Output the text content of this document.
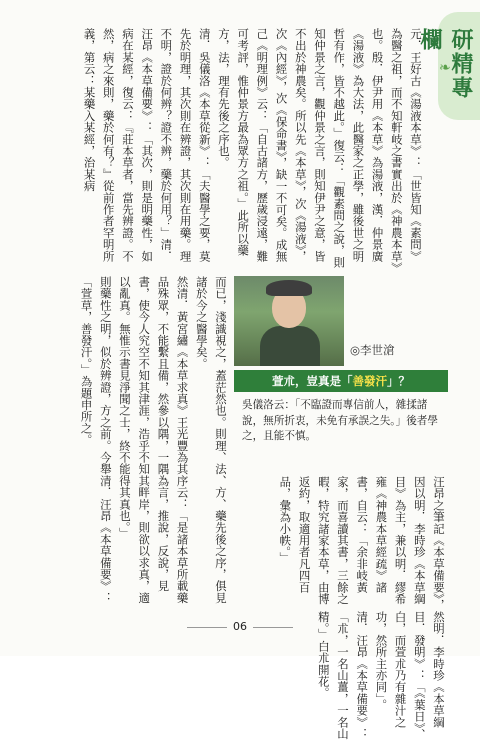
❧
研精專欄
元．王好古《湯液本草》：「世皆知《素問》為醫之祖，而不知軒岐之書實出於《神農本草》也。殷．伊尹用《本草》為湯液，漢．仲景廣《湯液》為大法，此醫家之正學，雖後世之明哲有作，皆不越此。」復云：「觀素問之說，則知仲景之言，觀仲景之言，則知伊尹之意，皆不出於神農矣。所以先《本草》，次《湯液》，次《內經》，次《保命書》，缺一不可矣。成無己《明理例》云：「自古諸方，歷歲浸遠，難可考評，惟仲景方最為眾方之祖。」此所以藥方，法，理有先後之序也。
清．吳儀洛《本草從新》：「夫醫學之要，莫先於明理，其次則在辨證，其次則在用藥。理不明，證於何辨？證不辨，藥於何用？」清．汪昂《本草備要》：「其次，則是明藥性，如病在某經，復云：『莊本草者，當先辨證。不然，病之來則，藥於何有？』從前作者罕明所義，第云：某藥入某經，治某病
而已，淺識視之，蓋茫然也。則理、法、方、藥先後之序，俱見諸於今之醫學矣。
然清．黃宮繡《本草求真》王光豐為其序云：「是諸本草所載藥品殊眾，不能繫且備，然參以隅，一隅為言，推說，反說，見書，使今人究空不知其津涯，浩乎不知其畔岸，則欲以求真，適以亂真。無惟示書見淨聞之士，終不能得其真也。」
則藥性之明，似於辨證，方之前。今舉清．汪昂《本草備要》：「萱草，善發汗。」為題申所之。	◎李世滄
萱朮，豈真是「善發汗」？
吳儀洛云：「不臨證而專信前人，雜揉諸說，無所折衷，未免有承誤之失。」後者學之，且能不慎。
汪昂之筆記《本草備要》，因以明．李時珍《本草綱目》為主，兼以明．繆希雍《神農本草經疏》諸書，自云：「余非岐黃家，而喜讀其書，三餘之暇，特究諸家本草，由博返約，取適用者凡四百品，彙為小帙。」
然明．李時珍《本草綱目．發明》：「《葉日》、白，而萱朮乃有雜汁之功，然所主亦同」。
清．汪昂《本草備要》：「朮，一名山薑，一名山精。」白朮開花。
06
